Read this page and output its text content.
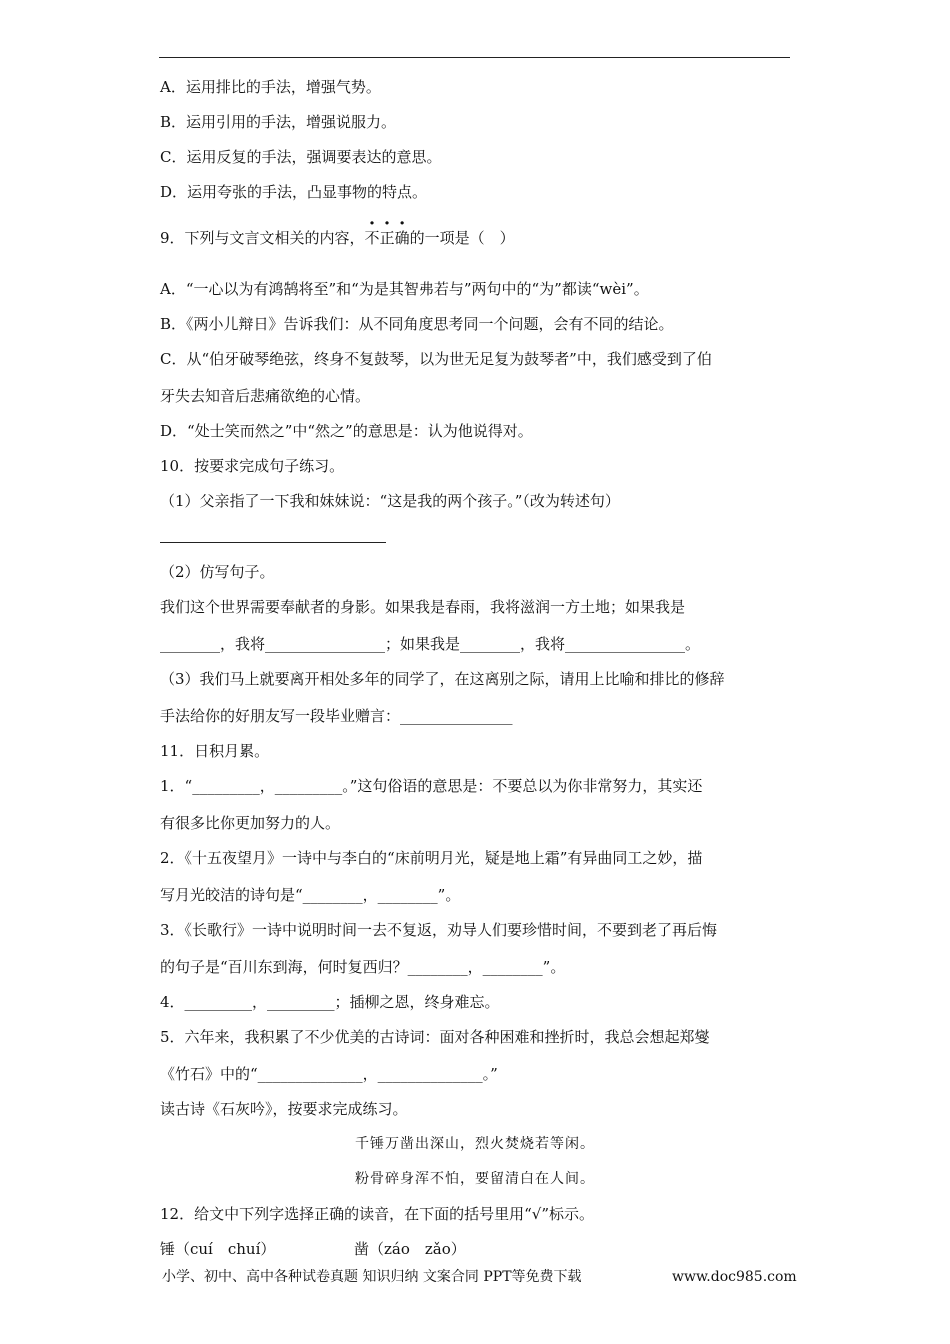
A．运用排比的手法，增强气势。
B．运用引用的手法，增强说服力。
C．运用反复的手法，强调要表达的意思。
D．运用夸张的手法，凸显事物的特点。
9．下列与文言文相关的内容，不正确的一项是（　）
A．“一心以为有鸿鹄将至”和“为是其智弗若与”两句中的“为”都读“wèi”。
B．《两小儿辩日》告诉我们：从不同角度思考同一个问题，会有不同的结论。
C．从“伯牙破琴绝弦，终身不复鼓琴，以为世无足复为鼓琴者”中，我们感受到了伯
牙失去知音后悲痛欲绝的心情。
D．“处士笑而然之”中“然之”的意思是：认为他说得对。
10．按要求完成句子练习。
（1）父亲指了一下我和妹妹说：“这是我的两个孩子。”（改为转述句）
（2）仿写句子。
我们这个世界需要奉献者的身影。如果我是春雨，我将滋润一方土地；如果我是
________，我将________________；如果我是________，我将________________。
（3）我们马上就要离开相处多年的同学了，在这离别之际，请用上比喻和排比的修辞
手法给你的好朋友写一段毕业赠言：_______________
11．日积月累。
1．“_________，_________。”这句俗语的意思是：不要总以为你非常努力，其实还
有很多比你更加努力的人。
2．《十五夜望月》一诗中与李白的“床前明月光，疑是地上霜”有异曲同工之妙，描
写月光皎洁的诗句是“________，________”。
3．《长歌行》一诗中说明时间一去不复返，劝导人们要珍惜时间，不要到老了再后悔
的句子是“百川东到海，何时复西归？________，________”。
4．_________，_________；插柳之恩，终身难忘。
5．六年来，我积累了不少优美的古诗词：面对各种困难和挫折时，我总会想起郑燮
《竹石》中的“______________，______________。”
读古诗《石灰吟》，按要求完成练习。
千锤万凿出深山，烈火焚烧若等闲。
粉骨碎身浑不怕，要留清白在人间。
12．给文中下列字选择正确的读音，在下面的括号里用“√”标示。
锤（cuí　chuí）	凿（záo　zǎo）
小学、初中、高中各种试卷真题 知识归纳 文案合同 PPT等免费下载	www.doc985.com
